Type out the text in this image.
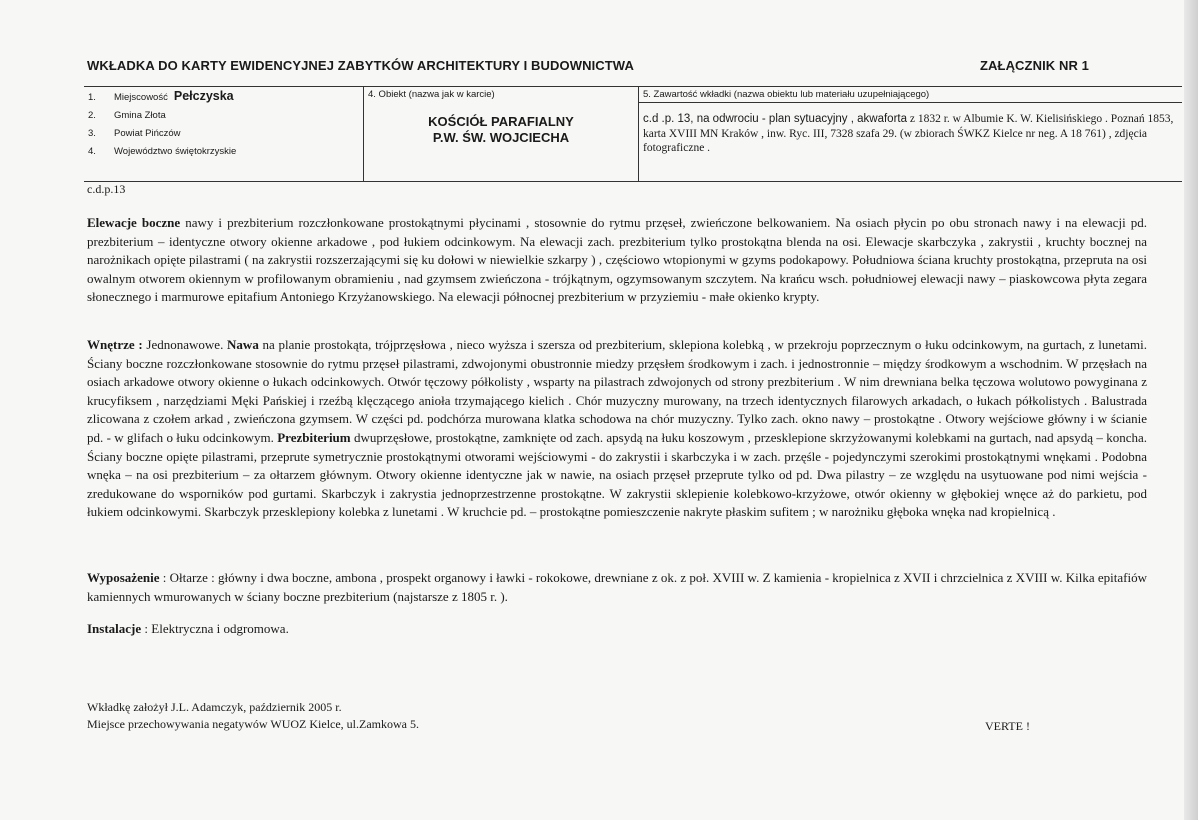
WKŁADKA DO KARTY EWIDENCYJNEJ ZABYTKÓW ARCHITEKTURY I BUDOWNICTWA	ZAŁĄCZNIK NR 1
1.	Miejscowość Pełczyska
2.	Gmina Złota
3.	Powiat Pińczów
4.	Województwo świętokrzyskie
4. Obiekt (nazwa jak w karcie)
KOŚCIÓŁ PARAFIALNY
P.W. ŚW. WOJCIECHA
5. Zawartość wkładki (nazwa obiektu lub materiału uzupełniającego)
c.d .p. 13, na odwrociu - plan sytuacyjny , akwaforta z 1832 r. w Albumie K. W. Kielisińskiego . Poznań 1853, karta XVIII MN Kraków , inw. Ryc. III, 7328 szafa 29. (w zbiorach ŚWKZ Kielce nr neg. A 18 761) , zdjęcia fotograficzne .
c.d.p.13
Elewacje boczne nawy i prezbiterium rozczłonkowane prostokątnymi płycinami , stosownie do rytmu przęseł, zwieńczone belkowaniem. Na osiach płycin po obu stronach nawy i na elewacji pd. prezbiterium – identyczne otwory okienne arkadowe , pod łukiem odcinkowym. Na elewacji zach. prezbiterium tylko prostokątna blenda na osi. Elewacje skarbczyka , zakrystii , kruchty bocznej na narożnikach opięte pilastrami ( na zakrystii rozszerzającymi się ku dołowi w niewielkie szkarpy ) , częściowo wtopionymi w gzyms podokapowy. Południowa ściana kruchty prostokątna, przepruta na osi owalnym otworem okiennym w profilowanym obramieniu , nad gzymsem zwieńczona - trójkątnym, ogzymsowanym szczytem. Na krańcu wsch. południowej elewacji nawy – piaskowcowa płyta zegara słonecznego i marmurowe epitafium Antoniego Krzyżanowskiego. Na elewacji północnej prezbiterium w przyziemiu - małe okienko krypty.
Wnętrze : Jednonawowe. Nawa na planie prostokąta, trójprzęsłowa , nieco wyższa i szersza od prezbiterium, sklepiona kolebką , w przekroju poprzecznym o łuku odcinkowym, na gurtach, z lunetami. Ściany boczne rozczłonkowane stosownie do rytmu przęseł pilastrami, zdwojonymi obustronnie miedzy przęsłem środkowym i zach. i jednostronnie – między środkowym a wschodnim. W przęsłach na osiach arkadowe otwory okienne o łukach odcinkowych. Otwór tęczowy półkolisty , wsparty na pilastrach zdwojonych od strony prezbiterium . W nim drewniana belka tęczowa wolutowo powyginana z krucyfiksem , narzędziami Męki Pańskiej i rzeźbą klęczącego anioła trzymającego kielich . Chór muzyczny murowany, na trzech identycznych filarowych arkadach, o łukach półkolistych . Balustrada zlicowana z czołem arkad , zwieńczona gzymsem. W części pd. podchórza murowana klatka schodowa na chór muzyczny. Tylko zach. okno nawy – prostokątne . Otwory wejściowe główny i w ścianie pd. - w glifach o łuku odcinkowym. Prezbiterium dwuprzęsłowe, prostokątne, zamknięte od zach. apsydą na łuku koszowym , przesklepione skrzyżowanymi kolebkami na gurtach, nad apsydą – koncha. Ściany boczne opięte pilastrami, przeprute symetrycznie prostokątnymi otworami wejściowymi - do zakrystii i skarbczyka i w zach. przęśle - pojedynczymi szerokimi prostokątnymi wnękami . Podobna wnęka – na osi prezbiterium – za ołtarzem głównym. Otwory okienne identyczne jak w nawie, na osiach przęseł przeprute tylko od pd. Dwa pilastry – ze względu na usytuowane pod nimi wejścia - zredukowane do wsporników pod gurtami. Skarbczyk i zakrystia jednoprzestrzenne prostokątne. W zakrystii sklepienie kolebkowo-krzyżowe, otwór okienny w głębokiej wnęce aż do parkietu, pod łukiem odcinkowymi. Skarbczyk przesklepiony kolebka z lunetami . W kruchcie pd. – prostokątne pomieszczenie nakryte płaskim sufitem ; w narożniku głęboka wnęka nad kropielnicą .
Wyposażenie : Ołtarze : główny i dwa boczne, ambona , prospekt organowy i ławki - rokokowe, drewniane z ok. z poł. XVIII w. Z kamienia - kropielnica z XVII i chrzcielnica z XVIII w. Kilka epitafiów kamiennych wmurowanych w ściany boczne prezbiterium (najstarsze z 1805 r. ).
Instalacje : Elektryczna i odgromowa.
Wkładkę założył J.L. Adamczyk, październik 2005 r.
Miejsce przechowywania negatywów WUOZ Kielce, ul.Zamkowa 5.	VERTE !
